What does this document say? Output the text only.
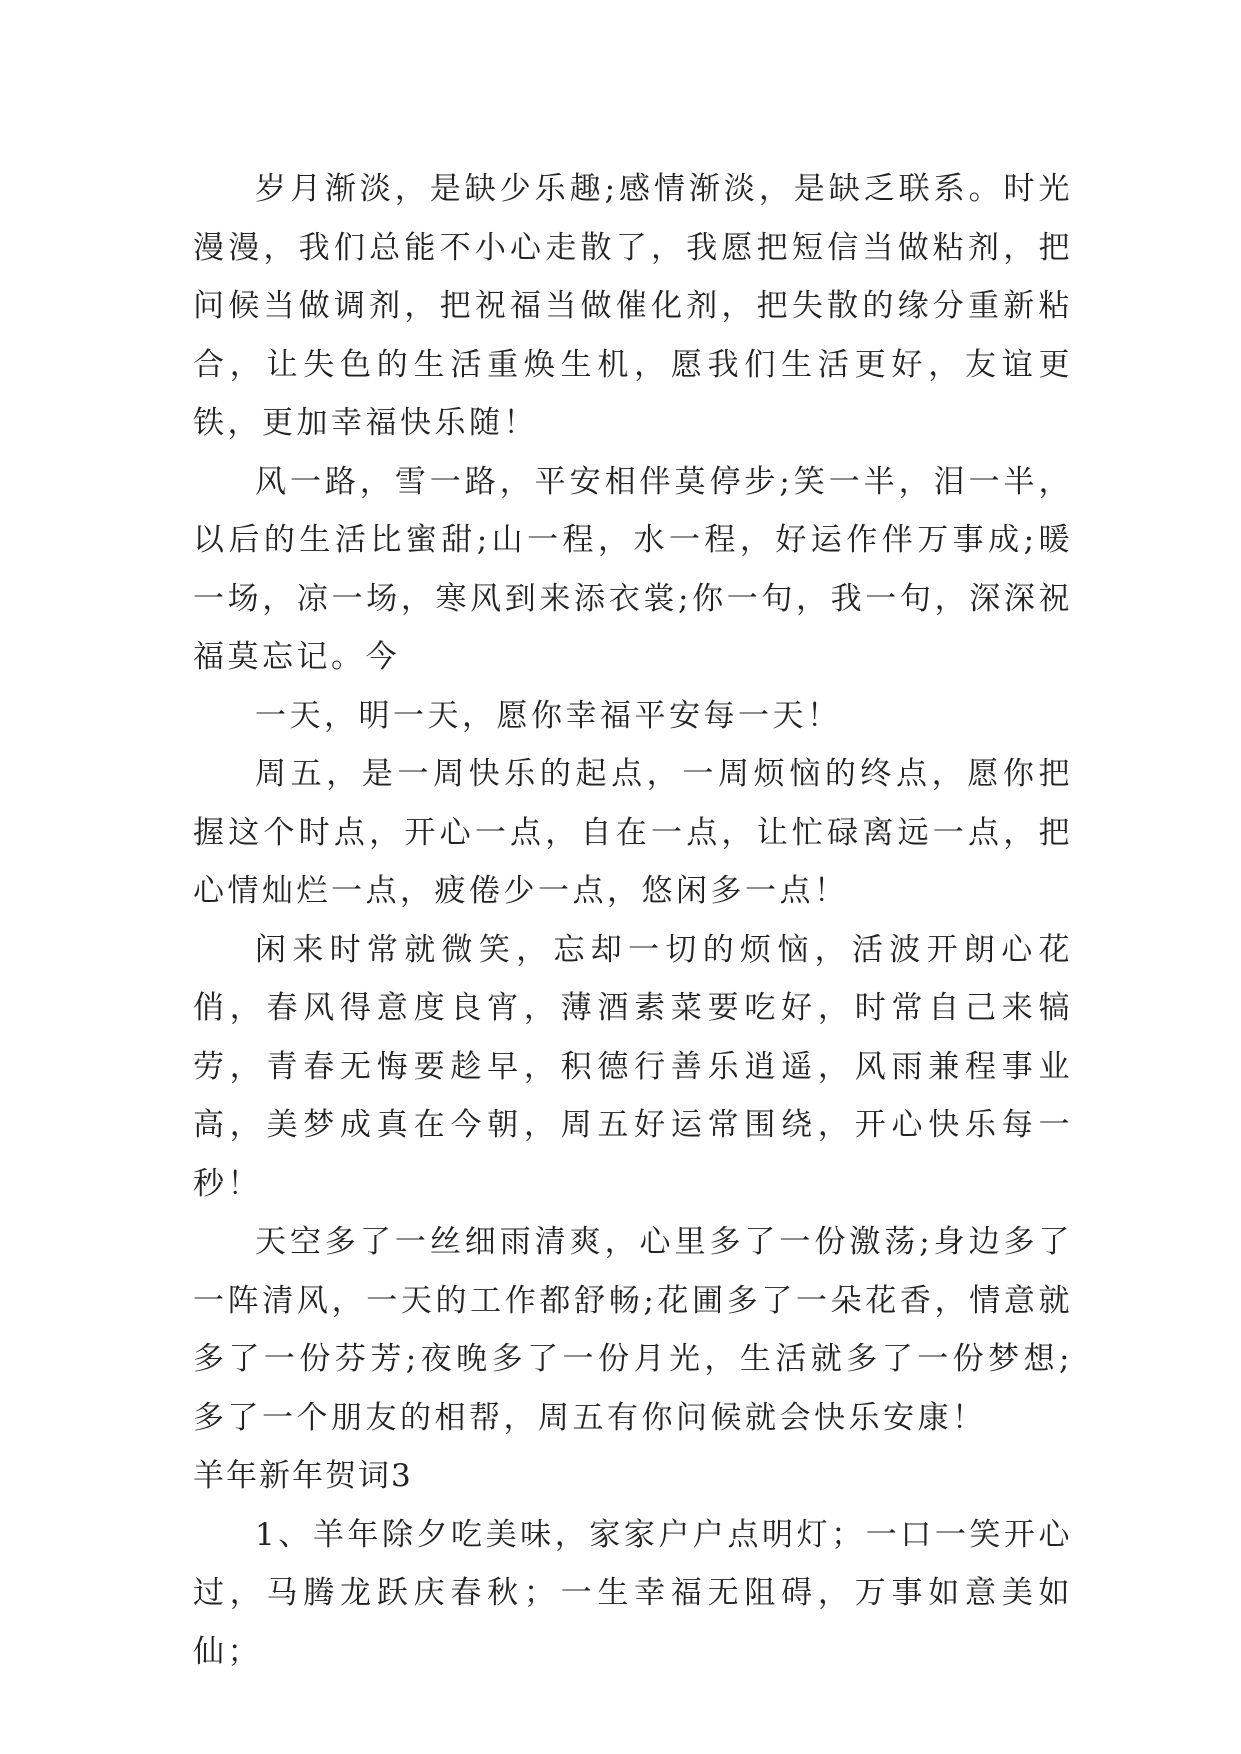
岁月渐淡，是缺少乐趣;感情渐淡，是缺乏联系。时光漫漫，我们总能不小心走散了，我愿把短信当做粘剂，把问候当做调剂，把祝福当做催化剂，把失散的缘分重新粘合，让失色的生活重焕生机，愿我们生活更好，友谊更铁，更加幸福快乐随！

风一路，雪一路，平安相伴莫停步;笑一半，泪一半，以后的生活比蜜甜;山一程，水一程，好运作伴万事成;暖一场，凉一场，寒风到来添衣裳;你一句，我一句，深深祝福莫忘记。今

一天，明一天，愿你幸福平安每一天！

周五，是一周快乐的起点，一周烦恼的终点，愿你把握这个时点，开心一点，自在一点，让忙碌离远一点，把心情灿烂一点，疲倦少一点，悠闲多一点！

闲来时常就微笑，忘却一切的烦恼，活波开朗心花俏，春风得意度良宵，薄酒素菜要吃好，时常自己来犒劳，青春无悔要趁早，积德行善乐逍遥，风雨兼程事业高，美梦成真在今朝，周五好运常围绕，开心快乐每一秒！

天空多了一丝细雨清爽，心里多了一份激荡;身边多了一阵清风，一天的工作都舒畅;花圃多了一朵花香，情意就多了一份芬芳;夜晚多了一份月光，生活就多了一份梦想;多了一个朋友的相帮，周五有你问候就会快乐安康！

羊年新年贺词3

1、羊年除夕吃美味，家家户户点明灯；一口一笑开心过，马腾龙跃庆春秋；一生幸福无阻碍，万事如意美如仙；
